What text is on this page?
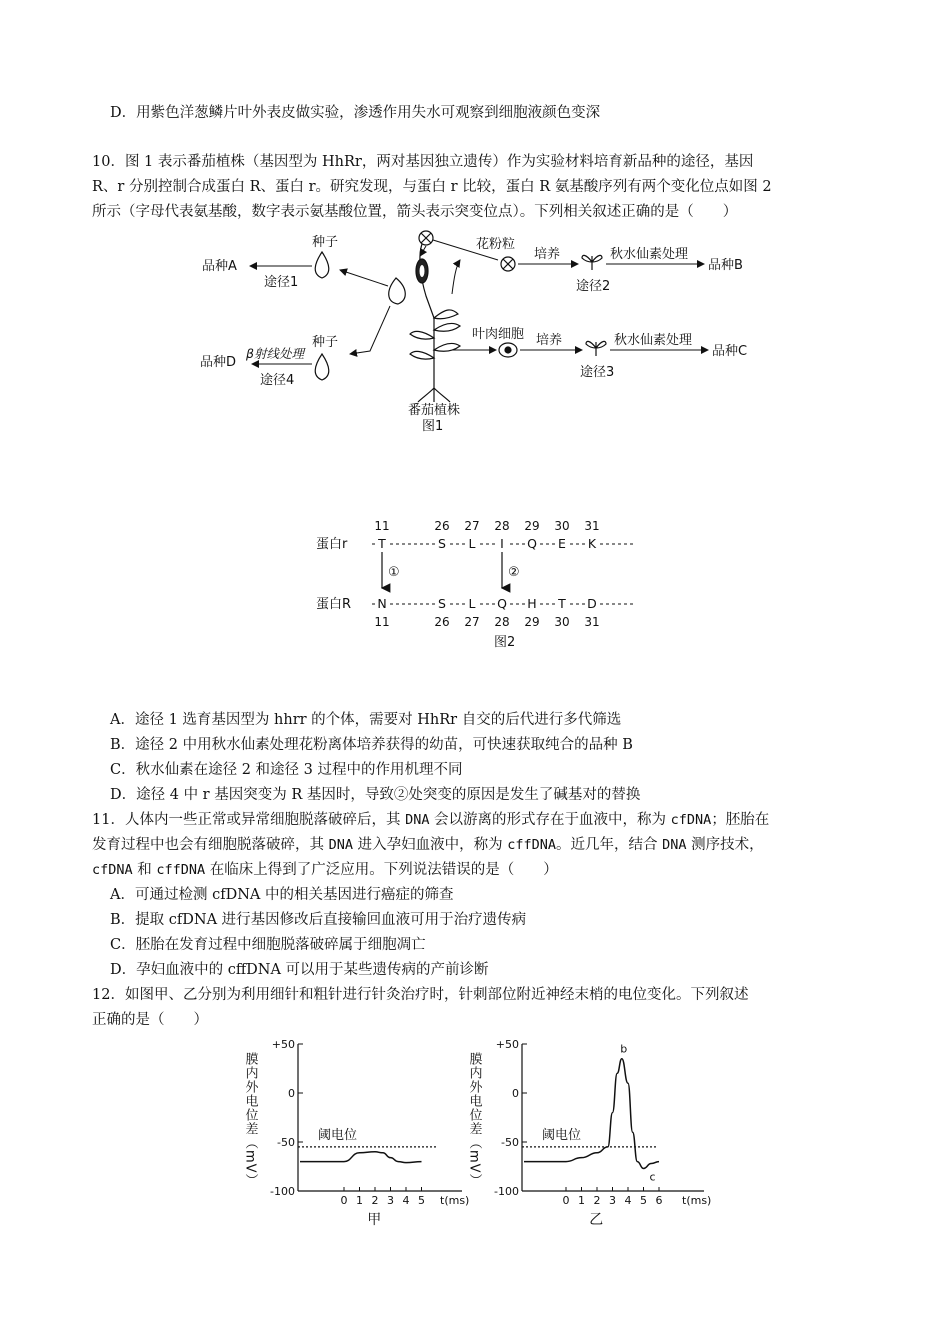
D．用紫色洋葱鳞片叶外表皮做实验，渗透作用失水可观察到细胞液颜色变深
10．图 1 表示番茄植株（基因型为 HhRr，两对基因独立遗传）作为实验材料培育新品种的途径，基因
R、r 分别控制合成蛋白 R、蛋白 r。研究发现，与蛋白 r 比较，蛋白 R 氨基酸序列有两个变化位点如图 2
所示（字母代表氨基酸，数字表示氨基酸位置，箭头表示突变位点）。下列相关叙述正确的是（　　）
种子
品种A
途径1
种子
品种D
β射线处理
途径4
花粉粒
培养	秋水仙素处理
品种B
途径2
叶肉细胞 培养	秋水仙素处理
品种C
途径3
番茄植株
图1
11	26 27 28 29 30 31
蛋白r T	S L I Q E K
①	②
蛋白R N	S L Q H T D
11	26 27 28 29 30 31
图2
A．途径 1 选育基因型为 hhrr 的个体，需要对 HhRr 自交的后代进行多代筛选
B．途径 2 中用秋水仙素处理花粉离体培养获得的幼苗，可快速获取纯合的品种 B
C．秋水仙素在途径 2 和途径 3 过程中的作用机理不同
D．途径 4 中 r 基因突变为 R 基因时，导致②处突变的原因是发生了碱基对的替换
11．人体内一些正常或异常细胞脱落破碎后，其 DNA 会以游离的形式存在于血液中，称为 cfDNA；胚胎在
发育过程中也会有细胞脱落破碎，其 DNA 进入孕妇血液中，称为 cffDNA。近几年，结合 DNA 测序技术，
cfDNA 和 cffDNA 在临床上得到了广泛应用。下列说法错误的是（　　）
A．可通过检测 cfDNA 中的相关基因进行癌症的筛查
B．提取 cfDNA 进行基因修改后直接输回血液可用于治疗遗传病
C．胚胎在发育过程中细胞脱落破碎属于细胞凋亡
D．孕妇血液中的 cffDNA 可以用于某些遗传病的产前诊断
12．如图甲、乙分别为利用细针和粗针进行针灸治疗时，针刺部位附近神经末梢的电位变化。下列叙述
正确的是（　　）
+50
0
-50
-100
膜内外电位差（mV）
0 1 2 3 4 5 t(ms)
阈电位
甲
+50
0
-50
-100
膜内外电位差（mV）
0 1 2 3 4 5 6 t(ms)
阈电位
b
c
乙
